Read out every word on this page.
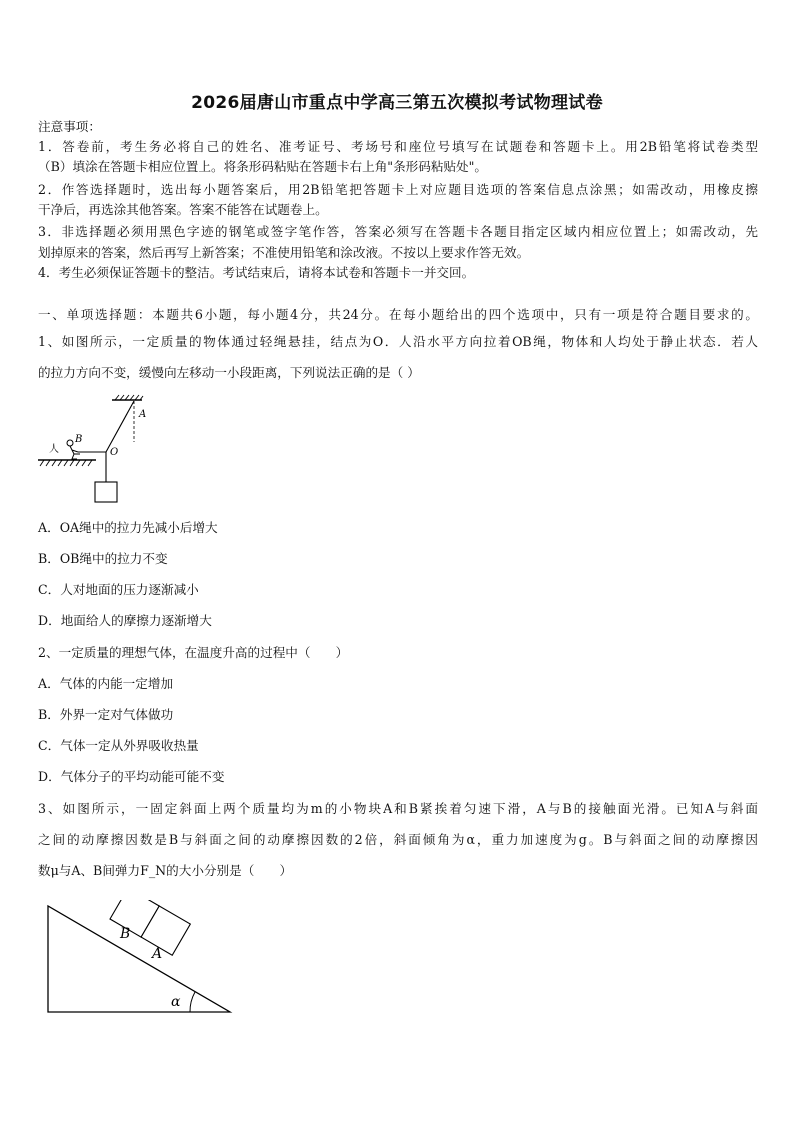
2026届唐山市重点中学高三第五次模拟考试物理试卷
注意事项：
1．答卷前，考生务必将自己的姓名、准考证号、考场号和座位号填写在试题卷和答题卡上。用2B铅笔将试卷类型
（B）填涂在答题卡相应位置上。将条形码粘贴在答题卡右上角"条形码粘贴处"。
2．作答选择题时，选出每小题答案后，用2B铅笔把答题卡上对应题目选项的答案信息点涂黑；如需改动，用橡皮擦
干净后，再选涂其他答案。答案不能答在试题卷上。
3．非选择题必须用黑色字迹的钢笔或签字笔作答，答案必须写在答题卡各题目指定区域内相应位置上；如需改动，先
划掉原来的答案，然后再写上新答案；不准使用铅笔和涂改液。不按以上要求作答无效。
4．考生必须保证答题卡的整洁。考试结束后，请将本试卷和答题卡一并交回。
一、单项选择题：本题共6小题，每小题4分，共24分。在每小题给出的四个选项中，只有一项是符合题目要求的。
1、如图所示，一定质量的物体通过轻绳悬挂，结点为O．人沿水平方向拉着OB绳，物体和人均处于静止状态．若人
的拉力方向不变，缓慢向左移动一小段距离，下列说法正确的是（ ）
人
B
O
A
A．OA绳中的拉力先减小后增大
B．OB绳中的拉力不变
C．人对地面的压力逐渐减小
D．地面给人的摩擦力逐渐增大
2、一定质量的理想气体，在温度升高的过程中（　　）
A．气体的内能一定增加
B．外界一定对气体做功
C．气体一定从外界吸收热量
D．气体分子的平均动能可能不变
3、如图所示，一固定斜面上两个质量均为m的小物块A和B紧挨着匀速下滑，A与B的接触面光滑。已知A与斜面
之间的动摩擦因数是B与斜面之间的动摩擦因数的2倍，斜面倾角为α，重力加速度为g。B与斜面之间的动摩擦因
数μ与A、B间弹力F_N的大小分别是（　　）
B
A
α
